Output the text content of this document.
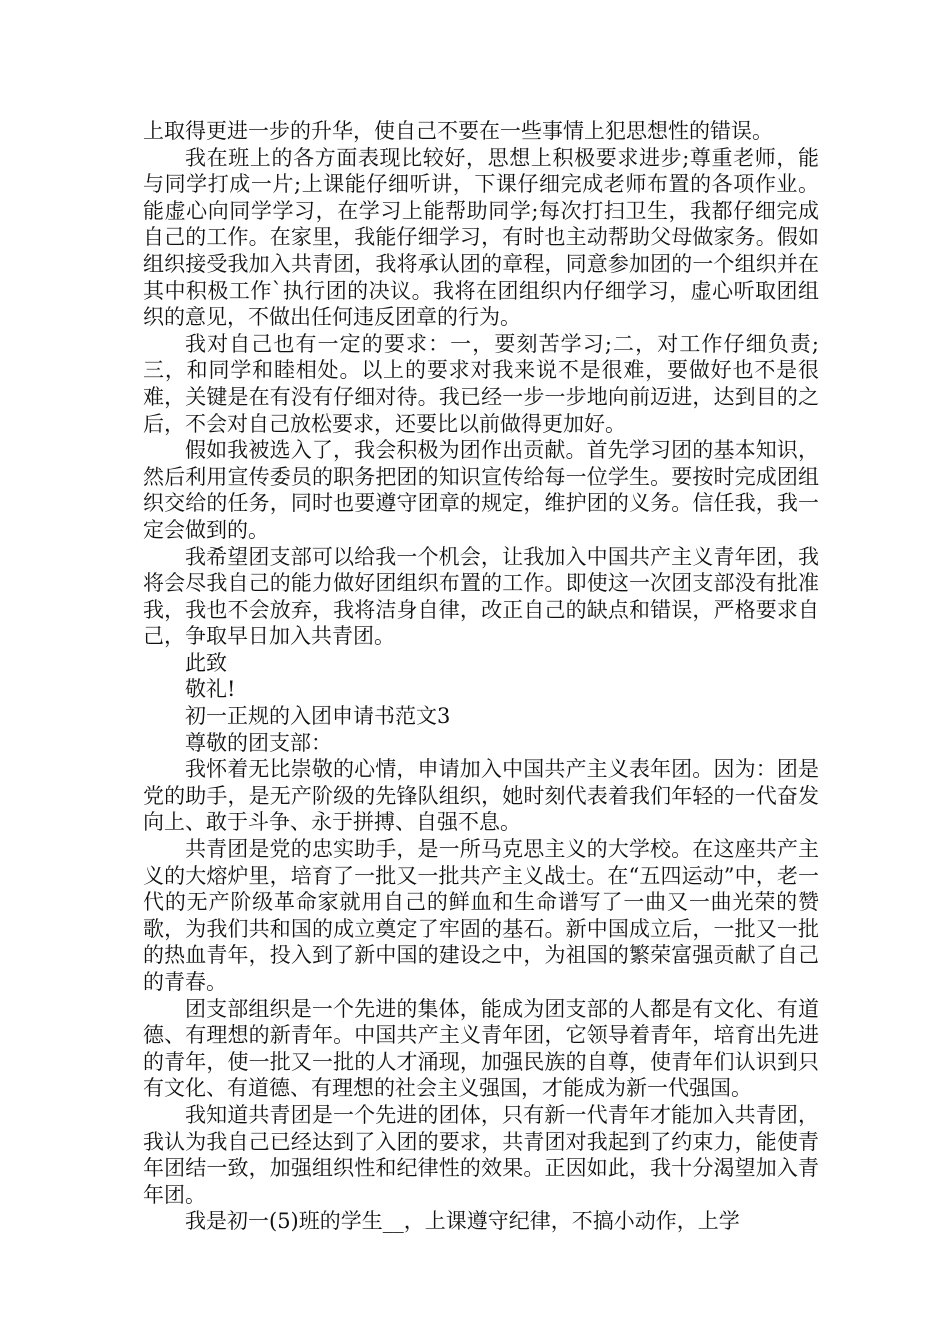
上取得更进一步的升华，使自己不要在一些事情上犯思想性的错误。

我在班上的各方面表现比较好，思想上积极要求进步;尊重老师，能与同学打成一片;上课能仔细听讲，下课仔细完成老师布置的各项作业。能虚心向同学学习，在学习上能帮助同学;每次打扫卫生，我都仔细完成自己的工作。在家里，我能仔细学习，有时也主动帮助父母做家务。假如组织接受我加入共青团，我将承认团的章程，同意参加团的一个组织并在其中积极工作`执行团的决议。我将在团组织内仔细学习，虚心听取团组织的意见，不做出任何违反团章的行为。

我对自己也有一定的要求：一，要刻苦学习;二，对工作仔细负责;三，和同学和睦相处。以上的要求对我来说不是很难，要做好也不是很难，关键是在有没有仔细对待。我已经一步一步地向前迈进，达到目的之后，不会对自己放松要求，还要比以前做得更加好。

假如我被选入了，我会积极为团作出贡献。首先学习团的基本知识，然后利用宣传委员的职务把团的知识宣传给每一位学生。要按时完成团组织交给的任务，同时也要遵守团章的规定，维护团的义务。信任我，我一定会做到的。

我希望团支部可以给我一个机会，让我加入中国共产主义青年团，我将会尽我自己的能力做好团组织布置的工作。即使这一次团支部没有批准我，我也不会放弃，我将洁身自律，改正自己的缺点和错误，严格要求自己，争取早日加入共青团。

此致

敬礼!

初一正规的入团申请书范文3

尊敬的团支部：

我怀着无比崇敬的心情，申请加入中国共产主义表年团。因为：团是党的助手，是无产阶级的先锋队组织，她时刻代表着我们年轻的一代奋发向上、敢于斗争、永于拼搏、自强不息。

共青团是党的忠实助手，是一所马克思主义的大学校。在这座共产主义的大熔炉里，培育了一批又一批共产主义战士。在“五四运动”中，老一代的无产阶级革命家就用自己的鲜血和生命谱写了一曲又一曲光荣的赞歌，为我们共和国的成立奠定了牢固的基石。新中国成立后，一批又一批的热血青年，投入到了新中国的建设之中，为祖国的繁荣富强贡献了自己的青春。

团支部组织是一个先进的集体，能成为团支部的人都是有文化、有道德、有理想的新青年。中国共产主义青年团，它领导着青年，培育出先进的青年，使一批又一批的人才涌现，加强民族的自尊，使青年们认识到只有文化、有道德、有理想的社会主义强国，才能成为新一代强国。

我知道共青团是一个先进的团体，只有新一代青年才能加入共青团，我认为我自己已经达到了入团的要求，共青团对我起到了约束力，能使青年团结一致，加强组织性和纪律性的效果。正因如此，我十分渴望加入青年团。

我是初一(5)班的学生__，上课遵守纪律，不搞小动作，上学
